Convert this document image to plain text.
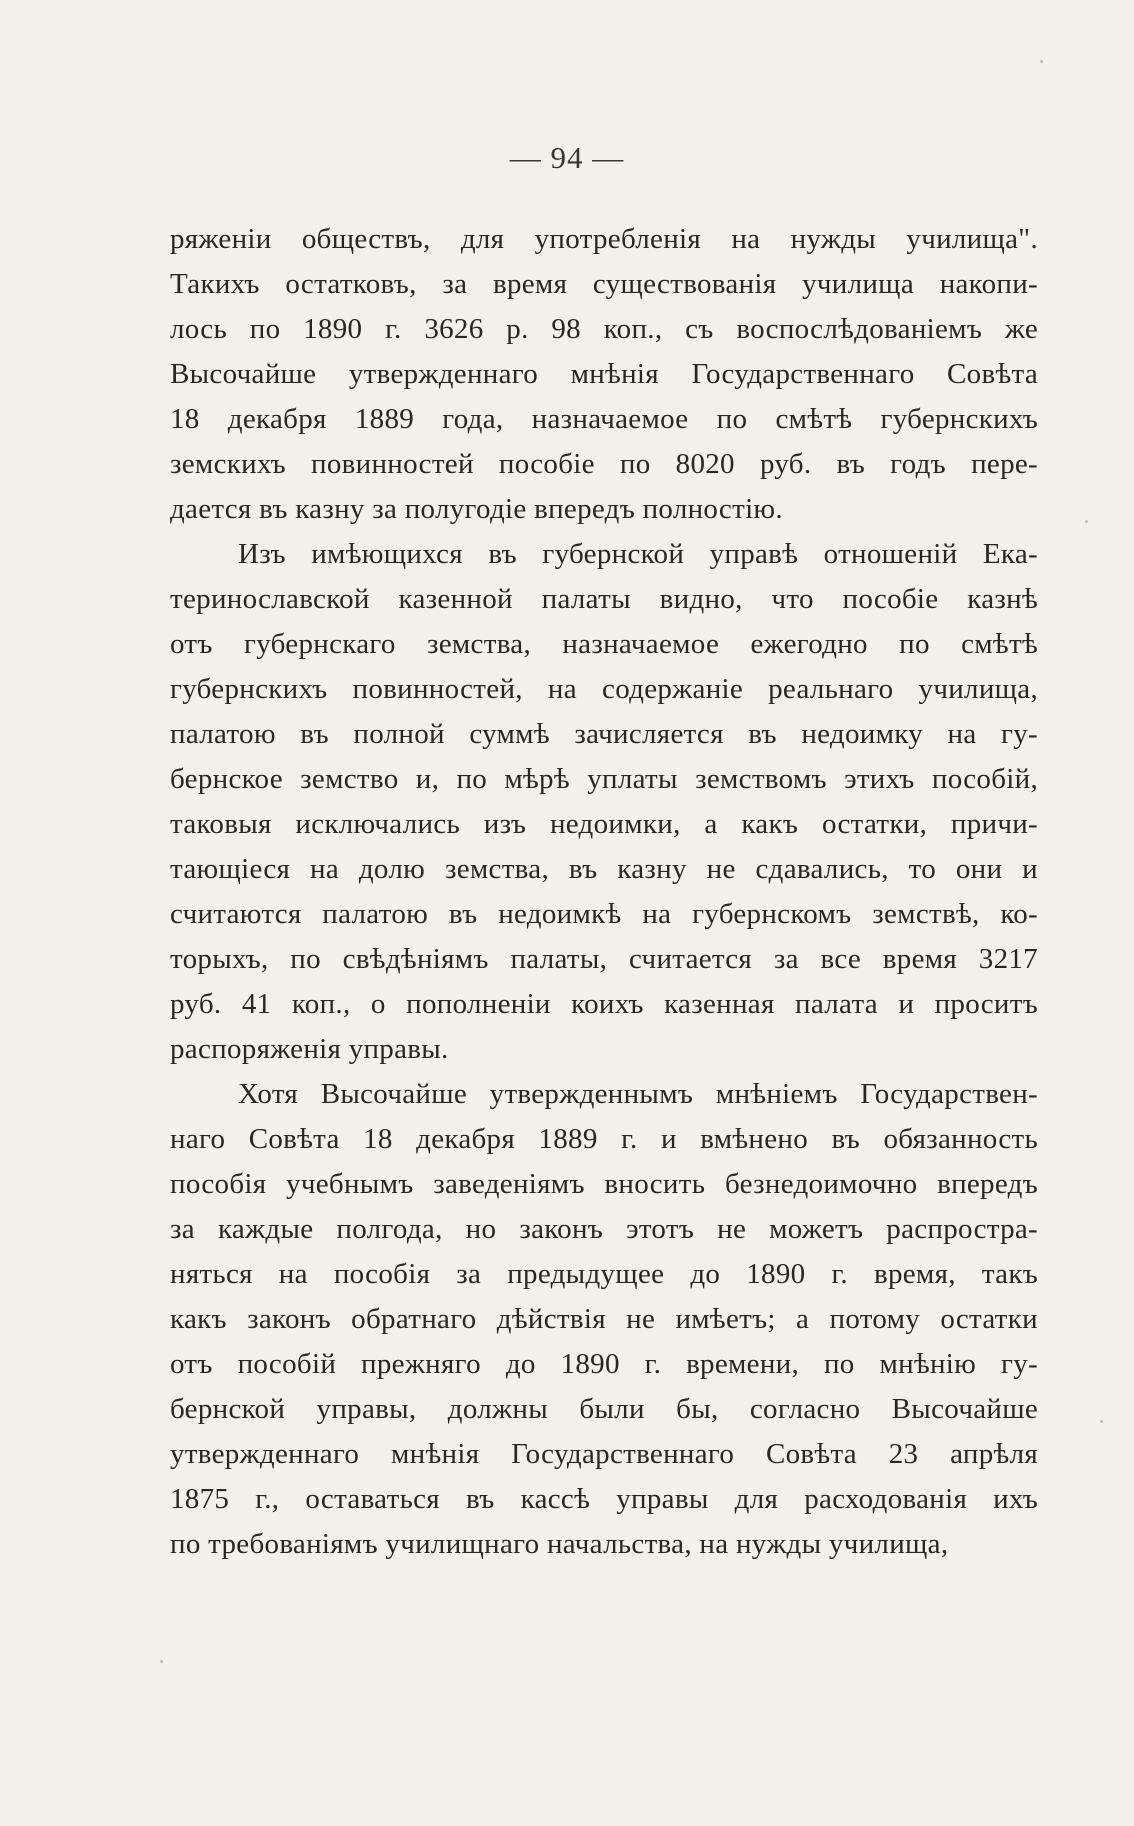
— 94 —
ряженіи обществъ, для употребленія на нужды училища".
Такихъ остатковъ, за время существованія училища накопи-
лось по 1890 г. 3626 р. 98 коп., съ воспослѣдованіемъ же
Высочайше утвержденнаго мнѣнія Государственнаго Совѣта
18 декабря 1889 года, назначаемое по смѣтѣ губернскихъ
земскихъ повинностей пособіе по 8020 руб. въ годъ пере-
дается въ казну за полугодіе впередъ полностію.
Изъ имѣющихся въ губернской управѣ отношеній Ека-
теринославской казенной палаты видно, что пособіе казнѣ
отъ губернскаго земства, назначаемое ежегодно по смѣтѣ
губернскихъ повинностей, на содержаніе реальнаго училища,
палатою въ полной суммѣ зачисляется въ недоимку на гу-
бернское земство и, по мѣрѣ уплаты земствомъ этихъ пособій,
таковыя исключались изъ недоимки, а какъ остатки, причи-
тающіеся на долю земства, въ казну не сдавались, то они и
считаются палатою въ недоимкѣ на губернскомъ земствѣ, ко-
торыхъ, по свѣдѣніямъ палаты, считается за все время 3217
руб. 41 коп., о пополненіи коихъ казенная палата и проситъ
распоряженія управы.
Хотя Высочайше утвержденнымъ мнѣніемъ Государствен-
наго Совѣта 18 декабря 1889 г. и вмѣнено въ обязанность
пособія учебнымъ заведеніямъ вносить безнедоимочно впередъ
за каждые полгода, но законъ этотъ не можетъ распростра-
няться на пособія за предыдущее до 1890 г. время, такъ
какъ законъ обратнаго дѣйствія не имѣетъ; а потому остатки
отъ пособій прежняго до 1890 г. времени, по мнѣнію гу-
бернской управы, должны были бы, согласно Высочайше
утвержденнаго мнѣнія Государственнаго Совѣта 23 апрѣля
1875 г., оставаться въ кассѣ управы для расходованія ихъ
по требованіямъ училищнаго начальства, на нужды училища,
